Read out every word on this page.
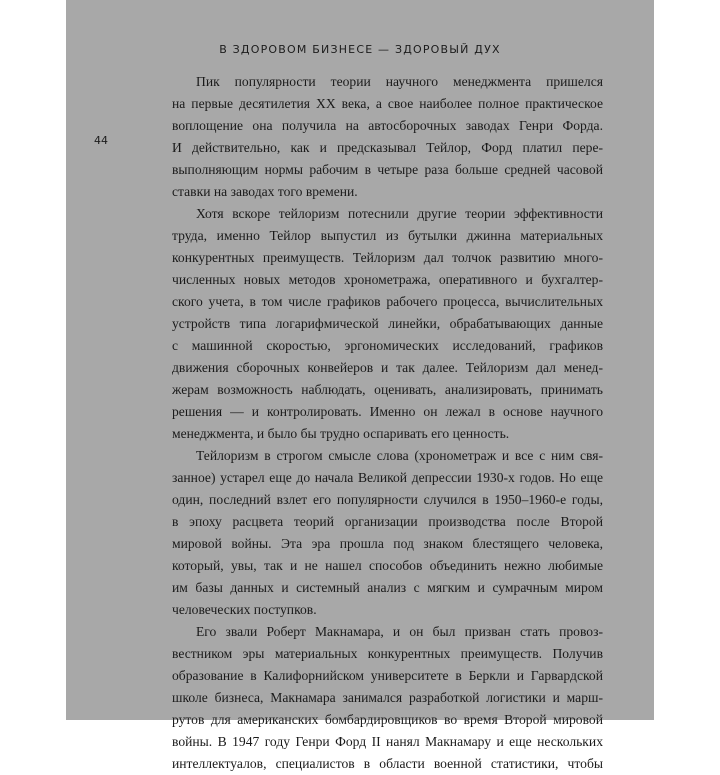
В ЗДОРОВОМ БИЗНЕСЕ — ЗДОРОВЫЙ ДУХ
44
Пик популярности теории научного менеджмента пришелся
на первые десятилетия XX века, а свое наиболее полное практическое
воплощение она получила на автосборочных заводах Генри Форда.
И действительно, как и предсказывал Тейлор, Форд платил пере-
выполняющим нормы рабочим в четыре раза больше средней часовой
ставки на заводах того времени.
Хотя вскоре тейлоризм потеснили другие теории эффективности
труда, именно Тейлор выпустил из бутылки джинна материальных
конкурентных преимуществ. Тейлоризм дал толчок развитию много-
численных новых методов хронометража, оперативного и бухгалтер-
ского учета, в том числе графиков рабочего процесса, вычислительных
устройств типа логарифмической линейки, обрабатывающих данные
с машинной скоростью, эргономических исследований, графиков
движения сборочных конвейеров и так далее. Тейлоризм дал менед-
жерам возможность наблюдать, оценивать, анализировать, принимать
решения — и контролировать. Именно он лежал в основе научного
менеджмента, и было бы трудно оспаривать его ценность.
Тейлоризм в строгом смысле слова (хронометраж и все с ним свя-
занное) устарел еще до начала Великой депрессии 1930-х годов. Но еще
один, последний взлет его популярности случился в 1950–1960-е годы,
в эпоху расцвета теорий организации производства после Второй
мировой войны. Эта эра прошла под знаком блестящего человека,
который, увы, так и не нашел способов объединить нежно любимые
им базы данных и системный анализ с мягким и сумрачным миром
человеческих поступков.
Его звали Роберт Макнамара, и он был призван стать провоз-
вестником эры материальных конкурентных преимуществ. Получив
образование в Калифорнийском университете в Беркли и Гарвардской
школе бизнеса, Макнамара занимался разработкой логистики и марш-
рутов для американских бомбардировщиков во время Второй мировой
войны. В 1947 году Генри Форд II нанял Макнамару и еще нескольких
интеллектуалов, специалистов в области военной статистики, чтобы
